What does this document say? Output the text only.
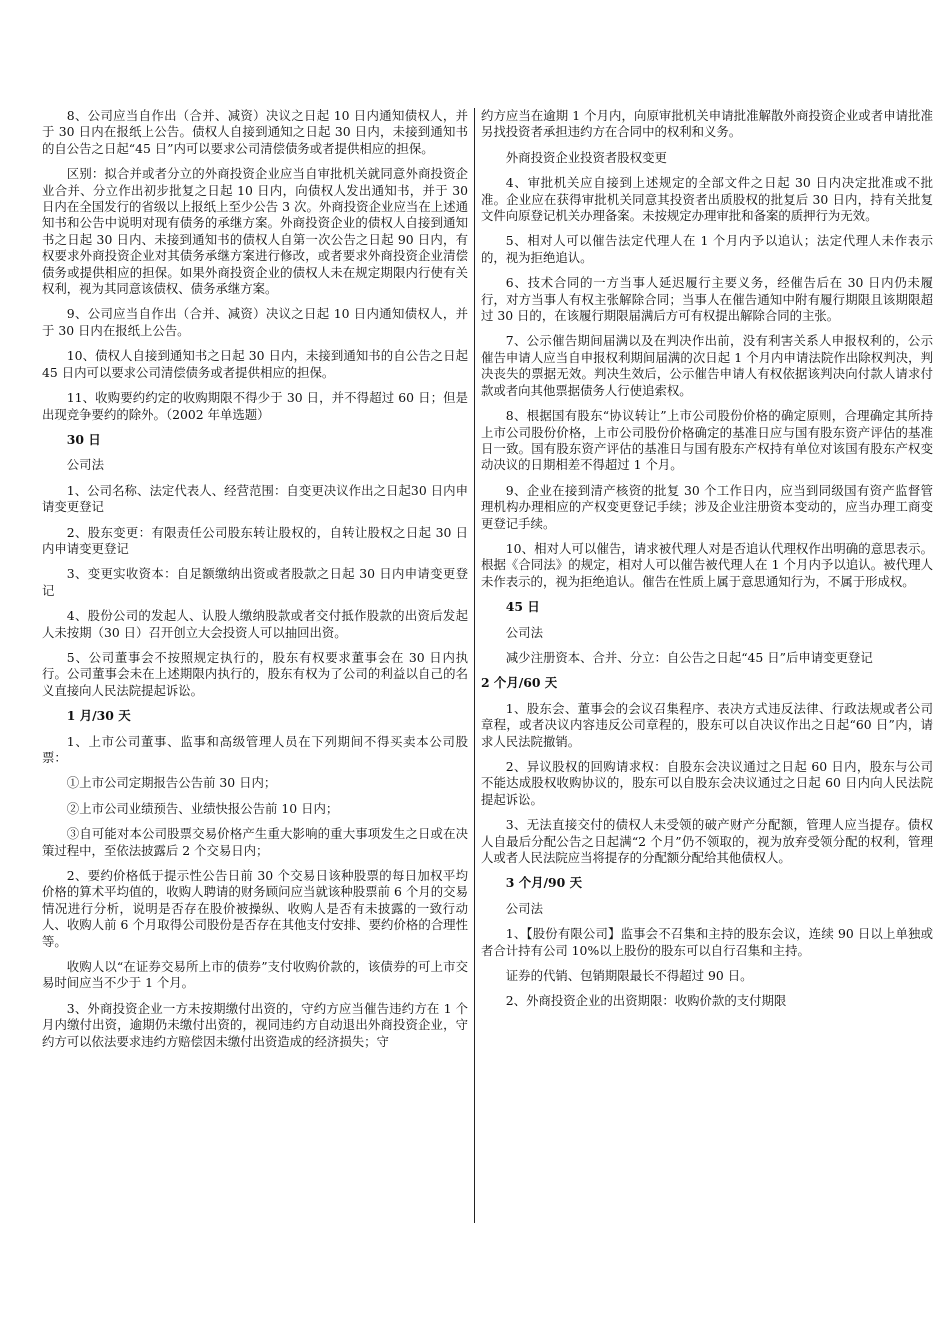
8、公司应当自作出（合并、减资）决议之日起 10 日内通知债权人，并于 30 日内在报纸上公告。债权人自接到通知之日起 30 日内，未接到通知书的自公告之日起“45 日”内可以要求公司清偿债务或者提供相应的担保。

区别：拟合并或者分立的外商投资企业应当自审批机关就同意外商投资企业合并、分立作出初步批复之日起 10 日内，向债权人发出通知书，并于 30 日内在全国发行的省级以上报纸上至少公告 3 次。外商投资企业应当在上述通知书和公告中说明对现有债务的承继方案。外商投资企业的债权人自接到通知书之日起 30 日内、未接到通知书的债权人自第一次公告之日起 90 日内，有权要求外商投资企业对其债务承继方案进行修改，或者要求外商投资企业清偿债务或提供相应的担保。如果外商投资企业的债权人未在规定期限内行使有关权利，视为其同意该债权、债务承继方案。

9、公司应当自作出（合并、减资）决议之日起 10 日内通知债权人，并于 30 日内在报纸上公告。

10、债权人自接到通知书之日起 30 日内，未接到通知书的自公告之日起 45 日内可以要求公司清偿债务或者提供相应的担保。

11、收购要约约定的收购期限不得少于 30 日，并不得超过 60 日；但是出现竞争要约的除外。（2002 年单选题）

30 日

公司法

1、公司名称、法定代表人、经营范围：自变更决议作出之日起30 日内申请变更登记

2、股东变更：有限责任公司股东转让股权的，自转让股权之日起 30 日内申请变更登记

3、变更实收资本：自足额缴纳出资或者股款之日起 30 日内申请变更登记

4、股份公司的发起人、认股人缴纳股款或者交付抵作股款的出资后发起人未按期（30 日）召开创立大会投资人可以抽回出资。

5、公司董事会不按照规定执行的，股东有权要求董事会在 30 日内执行。公司董事会未在上述期限内执行的，股东有权为了公司的利益以自己的名义直接向人民法院提起诉讼。

1 月/30 天

1、上市公司董事、监事和高级管理人员在下列期间不得买卖本公司股票：

①上市公司定期报告公告前 30 日内；

②上市公司业绩预告、业绩快报公告前 10 日内；

③自可能对本公司股票交易价格产生重大影响的重大事项发生之日或在决策过程中，至依法披露后 2 个交易日内；

2、要约价格低于提示性公告日前 30 个交易日该种股票的每日加权平均价格的算术平均值的，收购人聘请的财务顾问应当就该种股票前 6 个月的交易情况进行分析，说明是否存在股价被操纵、收购人是否有未披露的一致行动人、收购人前 6 个月取得公司股份是否存在其他支付安排、要约价格的合理性等。

收购人以“在证券交易所上市的债券”支付收购价款的，该债券的可上市交易时间应当不少于 1 个月。

3、外商投资企业一方未按期缴付出资的，守约方应当催告违约方在 1 个月内缴付出资，逾期仍未缴付出资的，视同违约方自动退出外商投资企业，守约方可以依法要求违约方赔偿因未缴付出资造成的经济损失；守

约方应当在逾期 1 个月内，向原审批机关申请批准解散外商投资企业或者申请批准另找投资者承担违约方在合同中的权利和义务。

外商投资企业投资者股权变更

4、审批机关应自接到上述规定的全部文件之日起 30 日内决定批准或不批准。企业应在获得审批机关同意其投资者出质股权的批复后 30 日内，持有关批复文件向原登记机关办理备案。未按规定办理审批和备案的质押行为无效。

5、相对人可以催告法定代理人在 1 个月内予以追认；法定代理人未作表示的，视为拒绝追认。

6、技术合同的一方当事人延迟履行主要义务，经催告后在 30 日内仍未履行，对方当事人有权主张解除合同；当事人在催告通知中附有履行期限且该期限超过 30 日的，在该履行期限届满后方可有权提出解除合同的主张。

7、公示催告期间届满以及在判决作出前，没有利害关系人申报权利的，公示催告申请人应当自申报权利期间届满的次日起 1 个月内申请法院作出除权判决，判决丧失的票据无效。判决生效后，公示催告申请人有权依据该判决向付款人请求付款或者向其他票据债务人行使追索权。

8、根据国有股东“协议转让”上市公司股份价格的确定原则，合理确定其所持上市公司股份价格，上市公司股份价格确定的基准日应与国有股东资产评估的基准日一致。国有股东资产评估的基准日与国有股东产权持有单位对该国有股东产权变动决议的日期相差不得超过 1 个月。

9、企业在接到清产核资的批复 30 个工作日内，应当到同级国有资产监督管理机构办理相应的产权变更登记手续；涉及企业注册资本变动的，应当办理工商变更登记手续。

10、相对人可以催告，请求被代理人对是否追认代理权作出明确的意思表示。根据《合同法》的规定，相对人可以催告被代理人在 1 个月内予以追认。被代理人未作表示的，视为拒绝追认。催告在性质上属于意思通知行为，不属于形成权。

45 日

公司法

减少注册资本、合并、分立：自公告之日起“45 日”后申请变更登记

2 个月/60 天

1、股东会、董事会的会议召集程序、表决方式违反法律、行政法规或者公司章程，或者决议内容违反公司章程的，股东可以自决议作出之日起“60 日”内，请求人民法院撤销。

2、异议股权的回购请求权：自股东会决议通过之日起 60 日内，股东与公司不能达成股权收购协议的，股东可以自股东会决议通过之日起 60 日内向人民法院提起诉讼。

3、无法直接交付的债权人未受领的破产财产分配额，管理人应当提存。债权人自最后分配公告之日起满“2 个月”仍不领取的，视为放弃受领分配的权利，管理人或者人民法院应当将提存的分配额分配给其他债权人。

3 个月/90 天

公司法

1、【股份有限公司】监事会不召集和主持的股东会议，连续 90 日以上单独或者合计持有公司 10%以上股份的股东可以自行召集和主持。

证券的代销、包销期限最长不得超过 90 日。

2、外商投资企业的出资期限：收购价款的支付期限
